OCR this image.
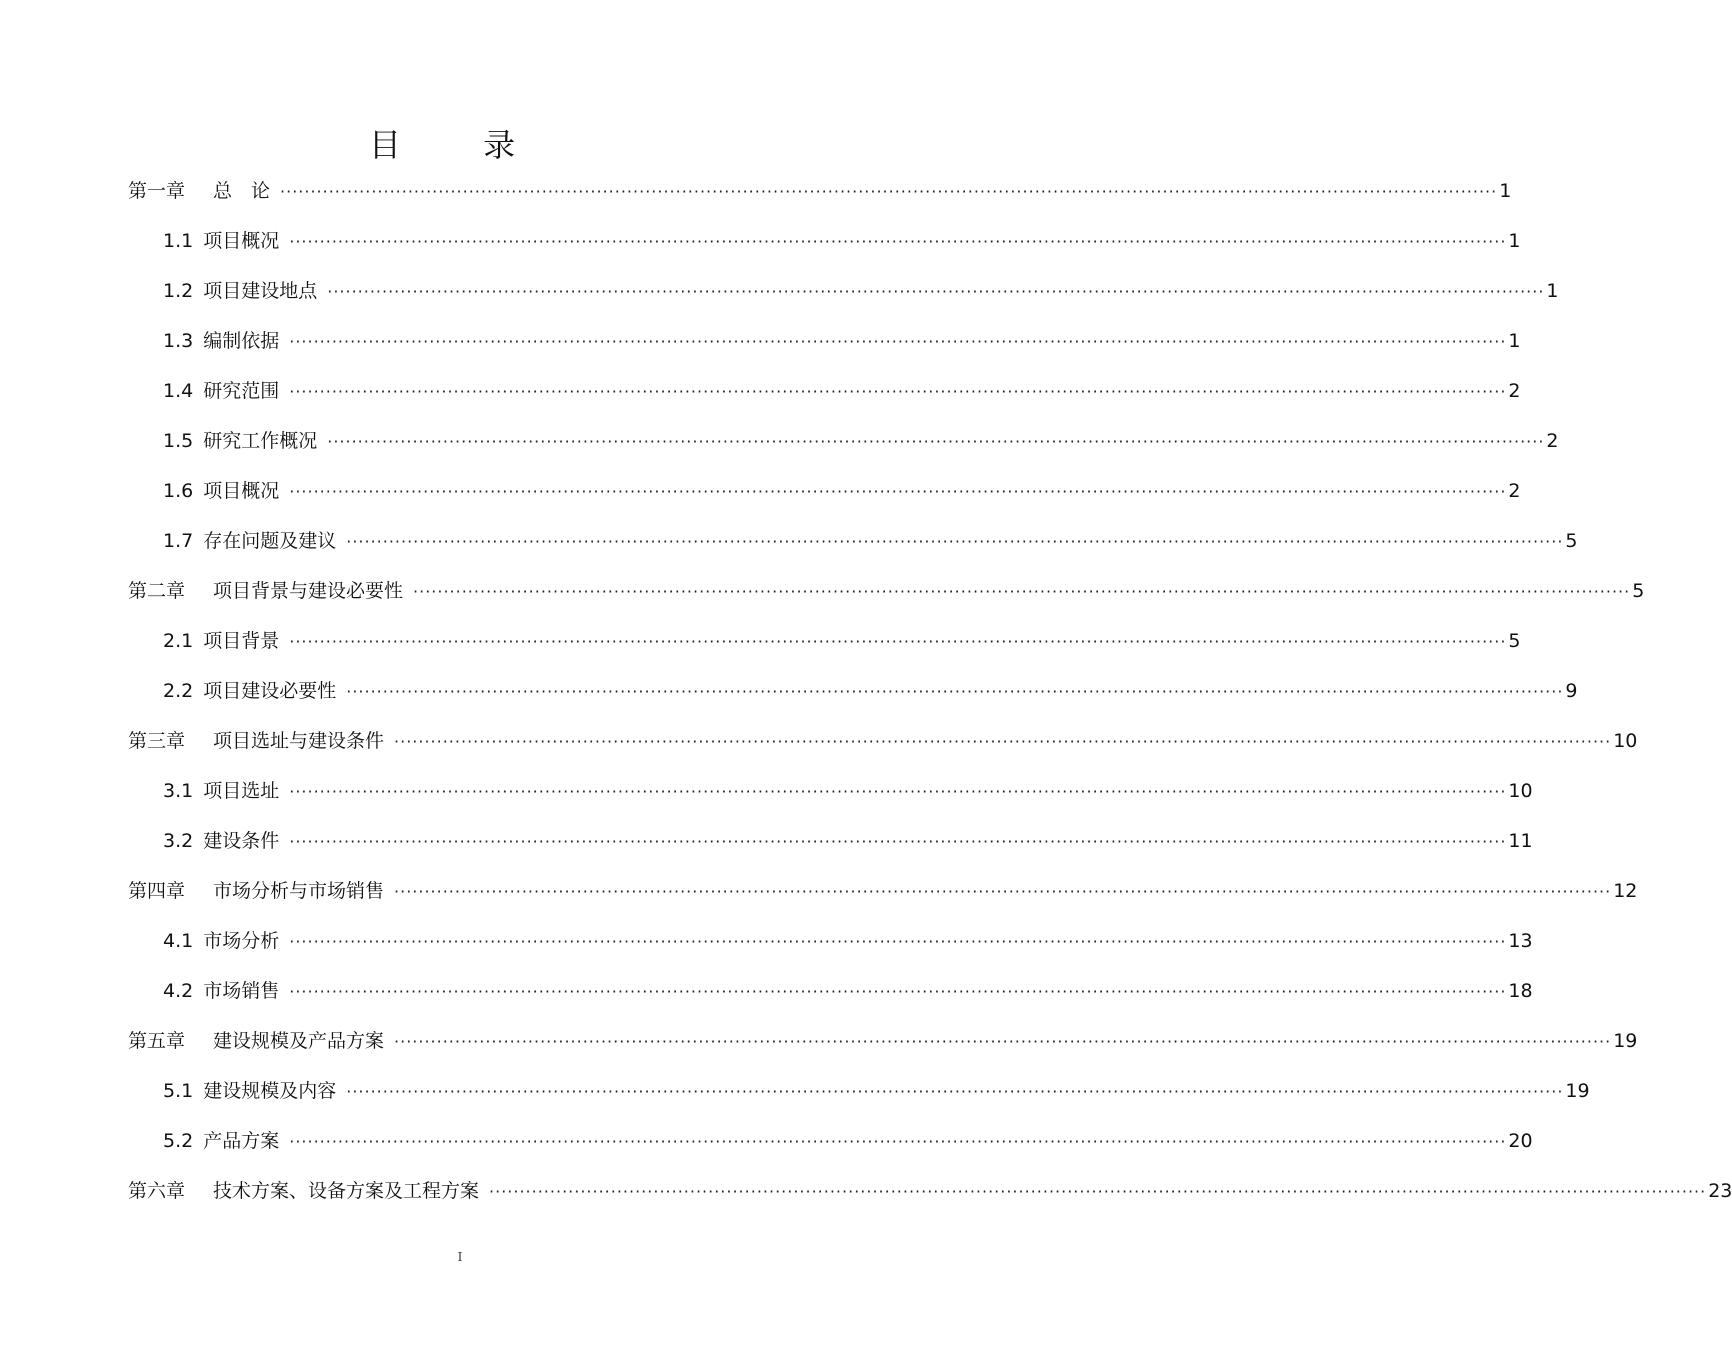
目 录
第一章 总　论 ········································································································································································································ 1
1.1 项目概况 ········································································································································································································ 1
1.2 项目建设地点 ········································································································································································································ 1
1.3 编制依据 ········································································································································································································ 1
1.4 研究范围 ········································································································································································································ 2
1.5 研究工作概况 ········································································································································································································ 2
1.6 项目概况 ········································································································································································································ 2
1.7 存在问题及建议 ········································································································································································································ 5
第二章 项目背景与建设必要性 ········································································································································································································ 5
2.1 项目背景 ········································································································································································································ 5
2.2 项目建设必要性 ········································································································································································································ 9
第三章 项目选址与建设条件 ········································································································································································································ 10
3.1 项目选址 ········································································································································································································ 10
3.2 建设条件 ········································································································································································································ 11
第四章 市场分析与市场销售 ········································································································································································································ 12
4.1 市场分析 ········································································································································································································ 13
4.2 市场销售 ········································································································································································································ 18
第五章 建设规模及产品方案 ········································································································································································································ 19
5.1 建设规模及内容 ········································································································································································································ 19
5.2 产品方案 ········································································································································································································ 20
第六章 技术方案、设备方案及工程方案 ········································································································································································································ 23
I
